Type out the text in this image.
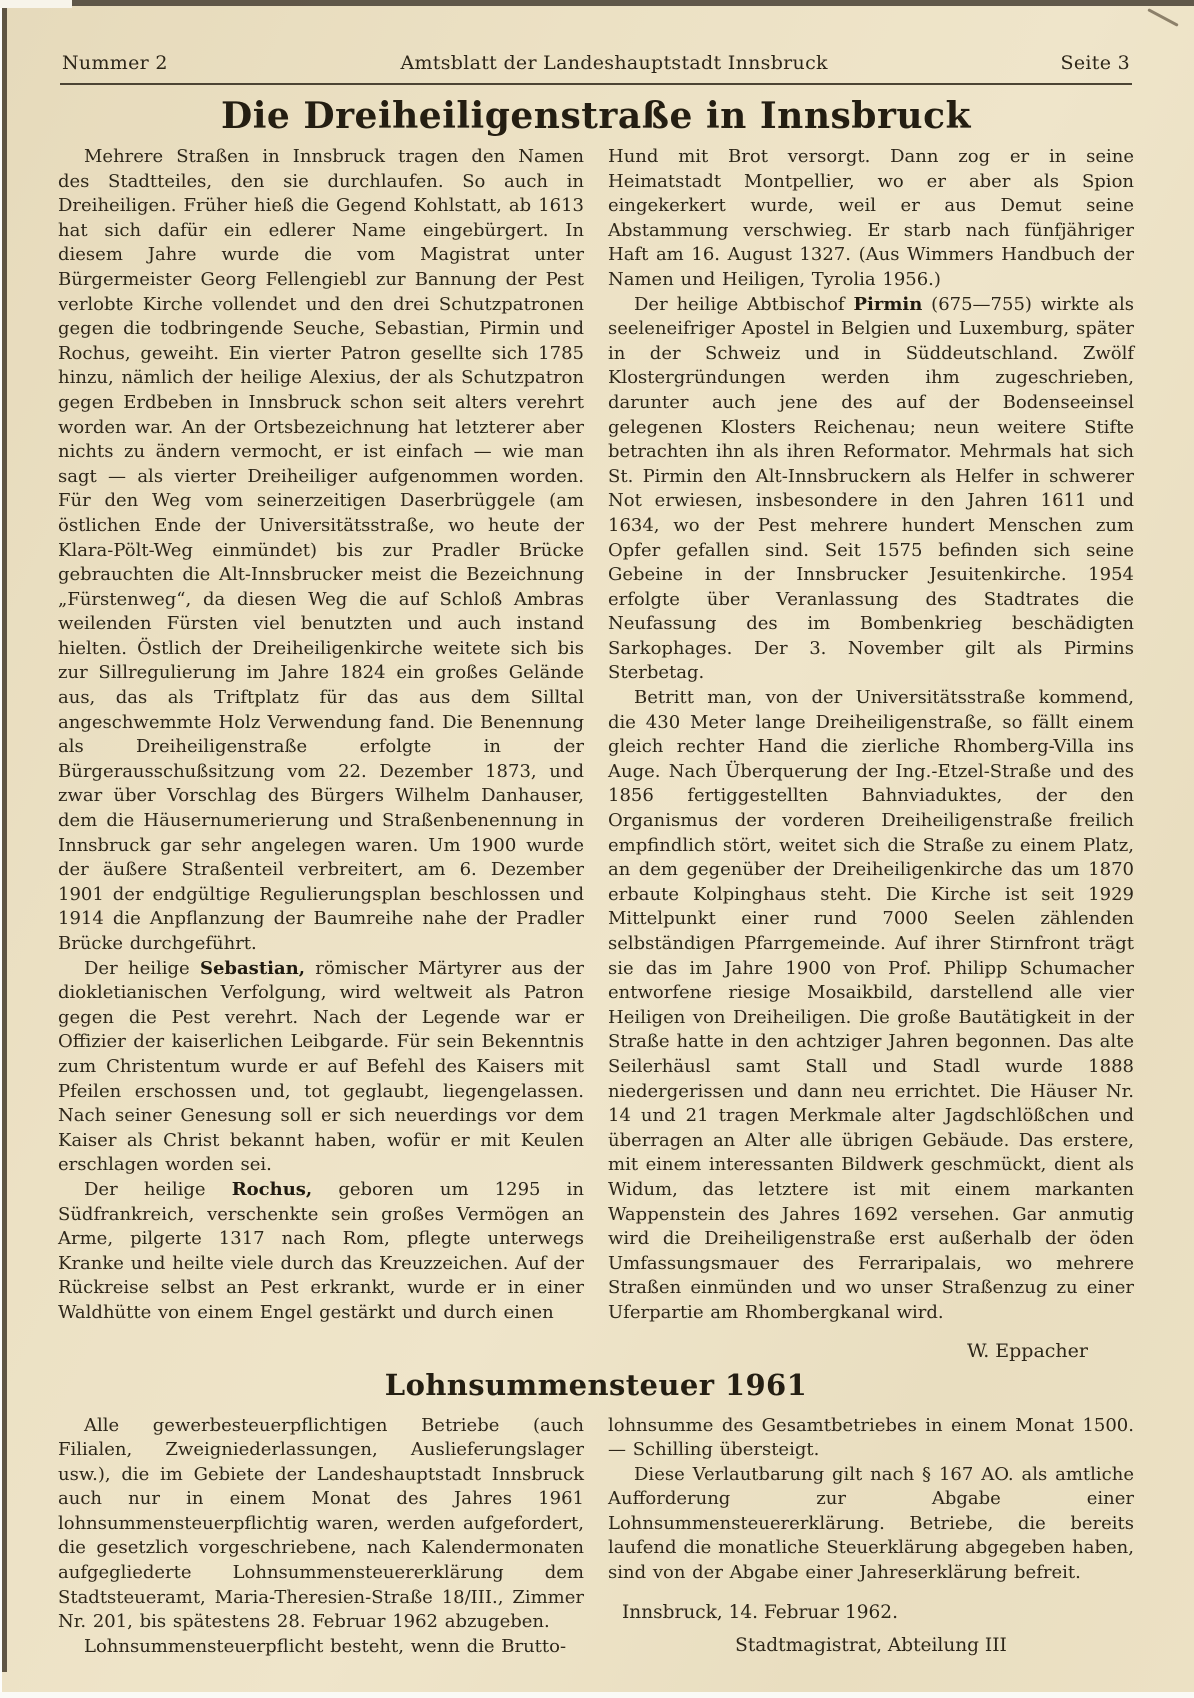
Nummer 2	Amtsblatt der Landeshauptstadt Innsbruck	Seite 3
Die Dreiheiligenstraße in Innsbruck

Mehrere Straßen in Innsbruck tragen den Namen des Stadtteiles, den sie durchlaufen. So auch in Dreiheiligen. Früher hieß die Gegend Kohlstatt, ab 1613 hat sich dafür ein edlerer Name eingebürgert. In diesem Jahre wurde die vom Magistrat unter Bürgermeister Georg Fellengiebl zur Bannung der Pest verlobte Kirche vollendet und den drei Schutzpatronen gegen die todbringende Seuche, Sebastian, Pirmin und Rochus, geweiht. Ein vierter Patron gesellte sich 1785 hinzu, nämlich der heilige Alexius, der als Schutzpatron gegen Erdbeben in Innsbruck schon seit alters verehrt worden war. An der Ortsbezeichnung hat letzterer aber nichts zu ändern vermocht, er ist einfach — wie man sagt — als vierter Dreiheiliger aufgenommen worden. Für den Weg vom seinerzeitigen Daserbrüggele (am östlichen Ende der Universitätsstraße, wo heute der Klara-Pölt-Weg einmündet) bis zur Pradler Brücke gebrauchten die Alt-Innsbrucker meist die Bezeichnung „Fürstenweg“, da diesen Weg die auf Schloß Ambras weilenden Fürsten viel benutzten und auch instand hielten. Östlich der Dreiheiligenkirche weitete sich bis zur Sillregulierung im Jahre 1824 ein großes Gelände aus, das als Triftplatz für das aus dem Silltal angeschwemmte Holz Verwendung fand. Die Benennung als Dreiheiligenstraße erfolgte in der Bürgerausschußsitzung vom 22. Dezember 1873, und zwar über Vorschlag des Bürgers Wilhelm Danhauser, dem die Häusernumerierung und Straßenbenennung in Innsbruck gar sehr angelegen waren. Um 1900 wurde der äußere Straßenteil verbreitert, am 6. Dezember 1901 der endgültige Regulierungsplan beschlossen und 1914 die Anpflanzung der Baumreihe nahe der Pradler Brücke durchgeführt.

Der heilige Sebastian, römischer Märtyrer aus der diokletianischen Verfolgung, wird weltweit als Patron gegen die Pest verehrt. Nach der Legende war er Offizier der kaiserlichen Leibgarde. Für sein Bekenntnis zum Christentum wurde er auf Befehl des Kaisers mit Pfeilen erschossen und, tot geglaubt, liegengelassen. Nach seiner Genesung soll er sich neuerdings vor dem Kaiser als Christ bekannt haben, wofür er mit Keulen erschlagen worden sei.

Der heilige Rochus, geboren um 1295 in Südfrankreich, verschenkte sein großes Vermögen an Arme, pilgerte 1317 nach Rom, pflegte unterwegs Kranke und heilte viele durch das Kreuzzeichen. Auf der Rückreise selbst an Pest erkrankt, wurde er in einer Waldhütte von einem Engel gestärkt und durch einen

Hund mit Brot versorgt. Dann zog er in seine Heimatstadt Montpellier, wo er aber als Spion eingekerkert wurde, weil er aus Demut seine Abstammung verschwieg. Er starb nach fünfjähriger Haft am 16. August 1327. (Aus Wimmers Handbuch der Namen und Heiligen, Tyrolia 1956.)

Der heilige Abtbischof Pirmin (675—755) wirkte als seeleneifriger Apostel in Belgien und Luxemburg, später in der Schweiz und in Süddeutschland. Zwölf Klostergründungen werden ihm zugeschrieben, darunter auch jene des auf der Bodenseeinsel gelegenen Klosters Reichenau; neun weitere Stifte betrachten ihn als ihren Reformator. Mehrmals hat sich St. Pirmin den Alt-Innsbruckern als Helfer in schwerer Not erwiesen, insbesondere in den Jahren 1611 und 1634, wo der Pest mehrere hundert Menschen zum Opfer gefallen sind. Seit 1575 befinden sich seine Gebeine in der Innsbrucker Jesuitenkirche. 1954 erfolgte über Veranlassung des Stadtrates die Neufassung des im Bombenkrieg beschädigten Sarkophages. Der 3. November gilt als Pirmins Sterbetag.

Betritt man, von der Universitätsstraße kommend, die 430 Meter lange Dreiheiligenstraße, so fällt einem gleich rechter Hand die zierliche Rhomberg-Villa ins Auge. Nach Überquerung der Ing.-Etzel-Straße und des 1856 fertiggestellten Bahnviaduktes, der den Organismus der vorderen Dreiheiligenstraße freilich empfindlich stört, weitet sich die Straße zu einem Platz, an dem gegenüber der Dreiheiligenkirche das um 1870 erbaute Kolpinghaus steht. Die Kirche ist seit 1929 Mittelpunkt einer rund 7000 Seelen zählenden selbständigen Pfarrgemeinde. Auf ihrer Stirnfront trägt sie das im Jahre 1900 von Prof. Philipp Schumacher entworfene riesige Mosaikbild, darstellend alle vier Heiligen von Dreiheiligen. Die große Bautätigkeit in der Straße hatte in den achtziger Jahren begonnen. Das alte Seilerhäusl samt Stall und Stadl wurde 1888 niedergerissen und dann neu errichtet. Die Häuser Nr. 14 und 21 tragen Merkmale alter Jagdschlößchen und überragen an Alter alle übrigen Gebäude. Das erstere, mit einem interessanten Bildwerk geschmückt, dient als Widum, das letztere ist mit einem markanten Wappenstein des Jahres 1692 versehen. Gar anmutig wird die Dreiheiligenstraße erst außerhalb der öden Umfassungsmauer des Ferraripalais, wo mehrere Straßen einmünden und wo unser Straßenzug zu einer Uferpartie am Rhombergkanal wird.

W. Eppacher

Lohnsummensteuer 1961

Alle gewerbesteuerpflichtigen Betriebe (auch Filialen, Zweigniederlassungen, Auslieferungslager usw.), die im Gebiete der Landeshauptstadt Innsbruck auch nur in einem Monat des Jahres 1961 lohnsummensteuerpflichtig waren, werden aufgefordert, die gesetzlich vorgeschriebene, nach Kalendermonaten aufgegliederte Lohnsummensteuererklärung dem Stadtsteueramt, Maria-Theresien-Straße 18/III., Zimmer Nr. 201, bis spätestens 28. Februar 1962 abzugeben.

Lohnsummensteuerpflicht besteht, wenn die Brutto-

lohnsumme des Gesamtbetriebes in einem Monat 1500.— Schilling übersteigt.

Diese Verlautbarung gilt nach § 167 AO. als amtliche Aufforderung zur Abgabe einer Lohnsummensteuererklärung. Betriebe, die bereits laufend die monatliche Steuerklärung abgegeben haben, sind von der Abgabe einer Jahreserklärung befreit.

Innsbruck, 14. Februar 1962.

Stadtmagistrat, Abteilung III
